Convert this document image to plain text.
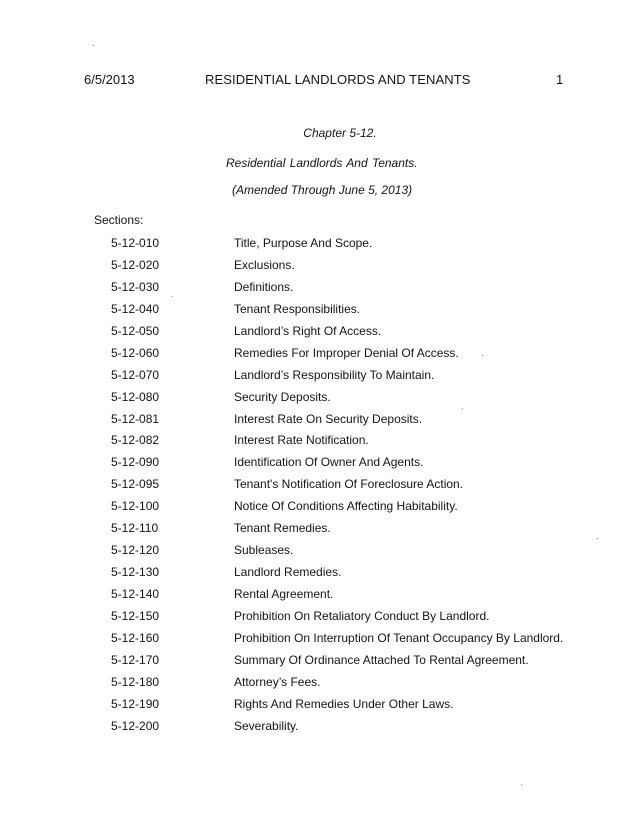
6/5/2013	RESIDENTIAL LANDLORDS AND TENANTS	1
Chapter 5-12.
Residential Landlords And Tenants.
(Amended Through June 5, 2013)
Sections:
5-12-010	Title, Purpose And Scope.
5-12-020	Exclusions.
5-12-030	Definitions.
5-12-040	Tenant Responsibilities.
5-12-050	Landlord’s Right Of Access.
5-12-060	Remedies For Improper Denial Of Access.
5-12-070	Landlord’s Responsibility To Maintain.
5-12-080	Security Deposits.
5-12-081	Interest Rate On Security Deposits.
5-12-082	Interest Rate Notification.
5-12-090	Identification Of Owner And Agents.
5-12-095	Tenant's Notification Of Foreclosure Action.
5-12-100	Notice Of Conditions Affecting Habitability.
5-12-110	Tenant Remedies.
5-12-120	Subleases.
5-12-130	Landlord Remedies.
5-12-140	Rental Agreement.
5-12-150	Prohibition On Retaliatory Conduct By Landlord.
5-12-160	Prohibition On Interruption Of Tenant Occupancy By Landlord.
5-12-170	Summary Of Ordinance Attached To Rental Agreement.
5-12-180	Attorney’s Fees.
5-12-190	Rights And Remedies Under Other Laws.
5-12-200	Severability.
